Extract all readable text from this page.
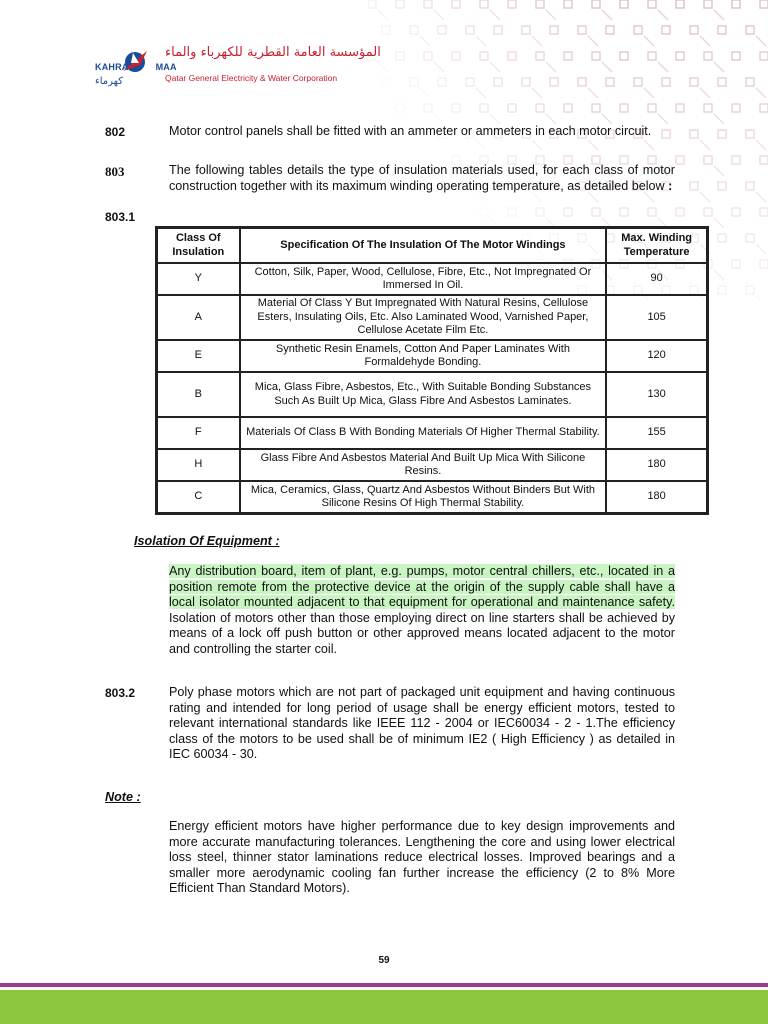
KAHRA	MAA
المؤسسة العامة القطرية للكهرباء والماء
Qatar General Electricity & Water Corporation
كهرماء
802	Motor control panels shall be fitted with an ammeter or ammeters in each motor circuit.
803	The following tables details the type of insulation materials used, for each class of motor construction together with its maximum winding operating temperature, as detailed below :
803.1
Class Of Insulation	Specification Of The Insulation Of The Motor Windings	Max. Winding Temperature
Y	Cotton, Silk, Paper, Wood, Cellulose, Fibre, Etc., Not Impregnated Or Immersed In Oil.	90
A	Material Of Class Y But Impregnated With Natural Resins, Cellulose Esters, Insulating Oils, Etc. Also Laminated Wood, Varnished Paper, Cellulose Acetate Film Etc.	105
E	Synthetic Resin Enamels, Cotton And Paper Laminates With Formaldehyde Bonding.	120
B	Mica, Glass Fibre, Asbestos, Etc., With Suitable Bonding Substances Such As Built Up Mica, Glass Fibre And Asbestos Laminates.	130
F	Materials Of Class B With Bonding Materials Of Higher Thermal Stability.	155
H	Glass Fibre And Asbestos Material And Built Up Mica With Silicone Resins.	180
C	Mica, Ceramics, Glass, Quartz And Asbestos Without Binders But With Silicone Resins Of High Thermal Stability.	180
Isolation Of Equipment :
Any distribution board, item of plant, e.g. pumps, motor central chillers, etc., located in a position remote from the protective device at the origin of the supply cable shall have a local isolator mounted adjacent to that equipment for operational and maintenance safety. Isolation of motors other than those employing direct on line starters shall be achieved by means of a lock off push button or other approved means located adjacent to the motor and controlling the starter coil.
803.2	Poly phase motors which are not part of packaged unit equipment and having continuous rating and intended for long period of usage shall be energy efficient motors, tested to relevant international standards like IEEE 112 - 2004 or IEC60034 - 2 - 1.The efficiency class of the motors to be used shall be of minimum IE2 ( High Efficiency ) as detailed in IEC 60034 - 30.
Note :
Energy efficient motors have higher performance due to key design improvements and more accurate manufacturing tolerances. Lengthening the core and using lower electrical loss steel, thinner stator laminations reduce electrical losses. Improved bearings and a smaller more aerodynamic cooling fan further increase the efficiency (2 to 8% More Efficient Than Standard Motors).
59
